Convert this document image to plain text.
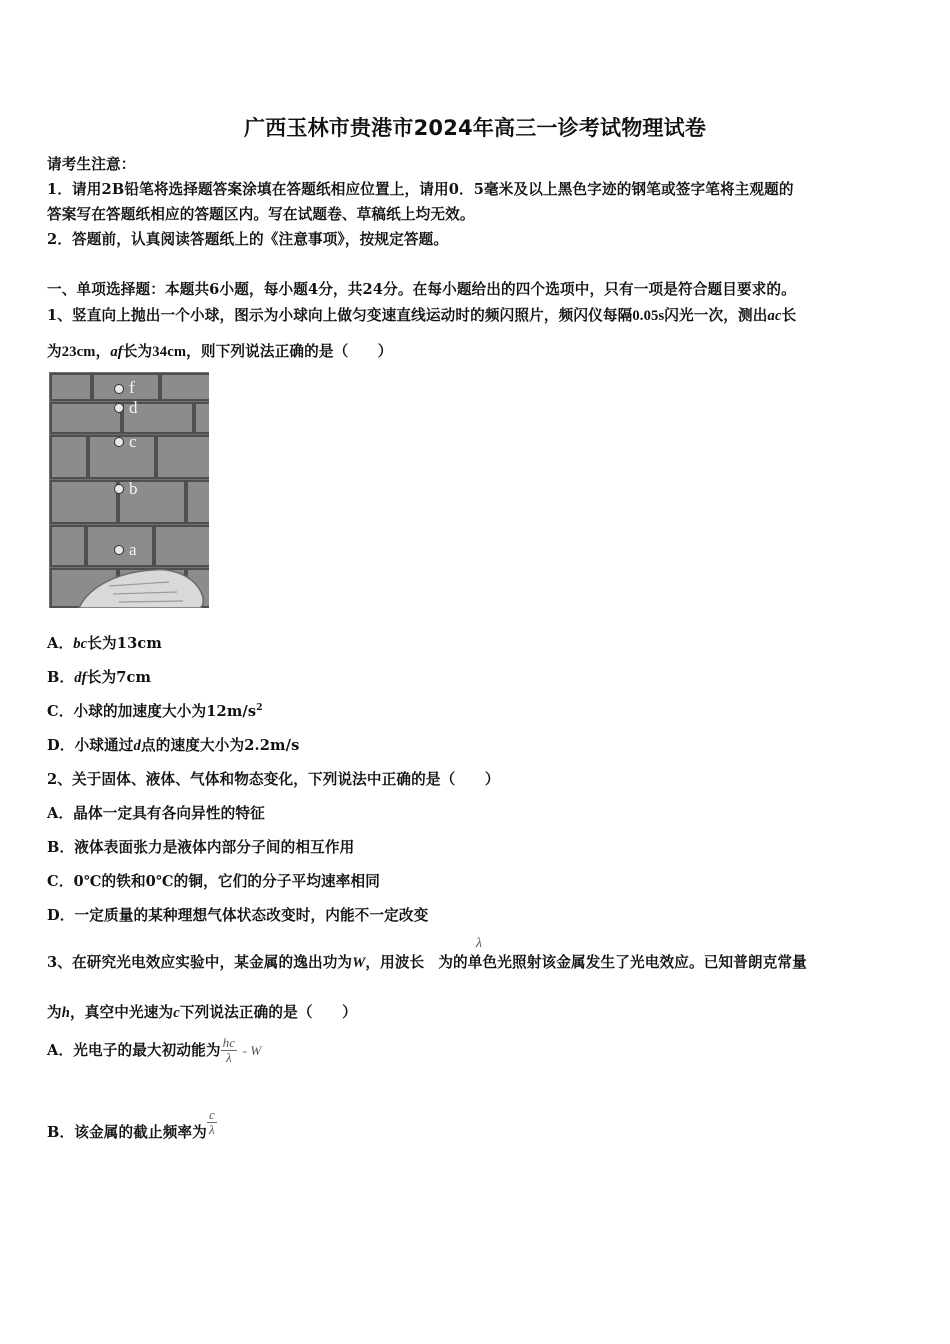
广西玉林市贵港市2024年高三一诊考试物理试卷
请考生注意：
1．请用2B铅笔将选择题答案涂填在答题纸相应位置上，请用0．5毫米及以上黑色字迹的钢笔或签字笔将主观题的
答案写在答题纸相应的答题区内。写在试题卷、草稿纸上均无效。
2．答题前，认真阅读答题纸上的《注意事项》，按规定答题。
一、单项选择题：本题共6小题，每小题4分，共24分。在每小题给出的四个选项中，只有一项是符合题目要求的。
1、竖直向上抛出一个小球，图示为小球向上做匀变速直线运动时的频闪照片，频闪仪每隔0.05s闪光一次，测出ac长
为23cm，af长为34cm，则下列说法正确的是（　　）
f
d
c
b
a
A．bc长为13cm
B．df长为7cm
C．小球的加速度大小为$12m/s^2$
D．小球通过d点的速度大小为2.2m/s
2、关于固体、液体、气体和物态变化，下列说法中正确的是（　　）
A．晶体一定具有各向异性的特征
B．液体表面张力是液体内部分子间的相互作用
C．0℃的铁和0℃的铜，它们的分子平均速率相同
D．一定质量的某种理想气体状态改变时，内能不一定改变
λ
3、在研究光电效应实验中，某金属的逸出功为W，用波长 为的单色光照射该金属发生了光电效应。已知普朗克常量
为h，真空中光速为c下列说法正确的是（　　）
A．光电子的最大初动能为 $\frac{hc}{\lambda}$ - W
B．该金属的截止频率为 $\frac{c}{\lambda}$
